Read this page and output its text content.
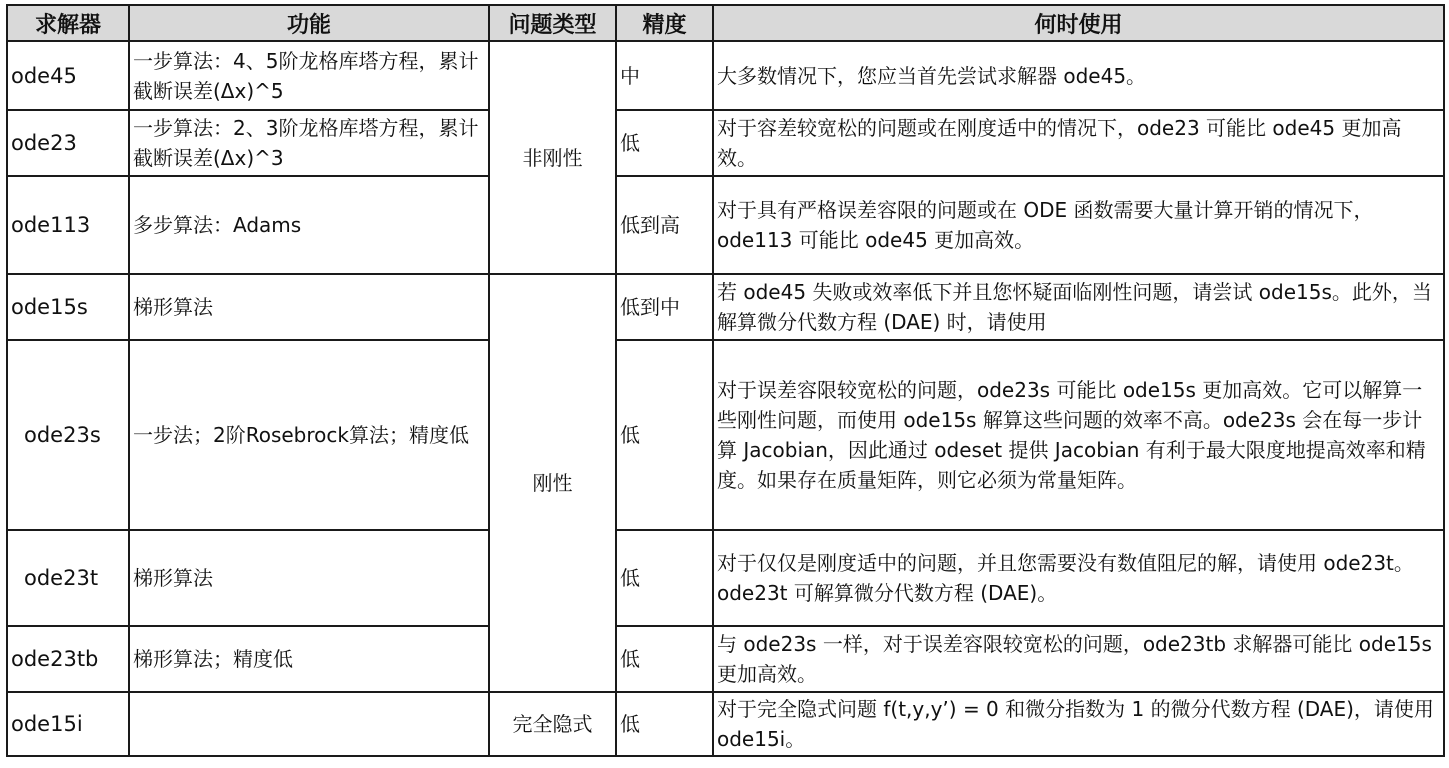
求解器	功能	问题类型	精度	何时使用
ode45	一步算法：4、5阶龙格库塔方程，累计截断误差(Δx)^5	非刚性	中	大多数情况下，您应当首先尝试求解器 ode45。
ode23	一步算法：2、3阶龙格库塔方程，累计截断误差(Δx)^3		低	对于容差较宽松的问题或在刚度适中的情况下，ode23 可能比 ode45 更加高效。
ode113	多步算法：Adams		低到高	对于具有严格误差容限的问题或在 ODE 函数需要大量计算开销的情况下，ode113 可能比 ode45 更加高效。
ode15s	梯形算法	刚性	低到中	若 ode45 失败或效率低下并且您怀疑面临刚性问题，请尝试 ode15s。此外，当解算微分代数方程 (DAE) 时，请使用
ode23s	一步法；2阶Rosebrock算法；精度低		低	对于误差容限较宽松的问题，ode23s 可能比 ode15s 更加高效。它可以解算一些刚性问题，而使用 ode15s 解算这些问题的效率不高。ode23s 会在每一步计算 Jacobian，因此通过 odeset 提供 Jacobian 有利于最大限度地提高效率和精度。如果存在质量矩阵，则它必须为常量矩阵。
ode23t	梯形算法		低	对于仅仅是刚度适中的问题，并且您需要没有数值阻尼的解，请使用 ode23t。 ode23t 可解算微分代数方程 (DAE)。
ode23tb	梯形算法；精度低		低	与 ode23s 一样，对于误差容限较宽松的问题，ode23tb 求解器可能比 ode15s 更加高效。
ode15i		完全隐式	低	对于完全隐式问题 f(t,y,y’) = 0 和微分指数为 1 的微分代数方程 (DAE)，请使用 ode15i。
